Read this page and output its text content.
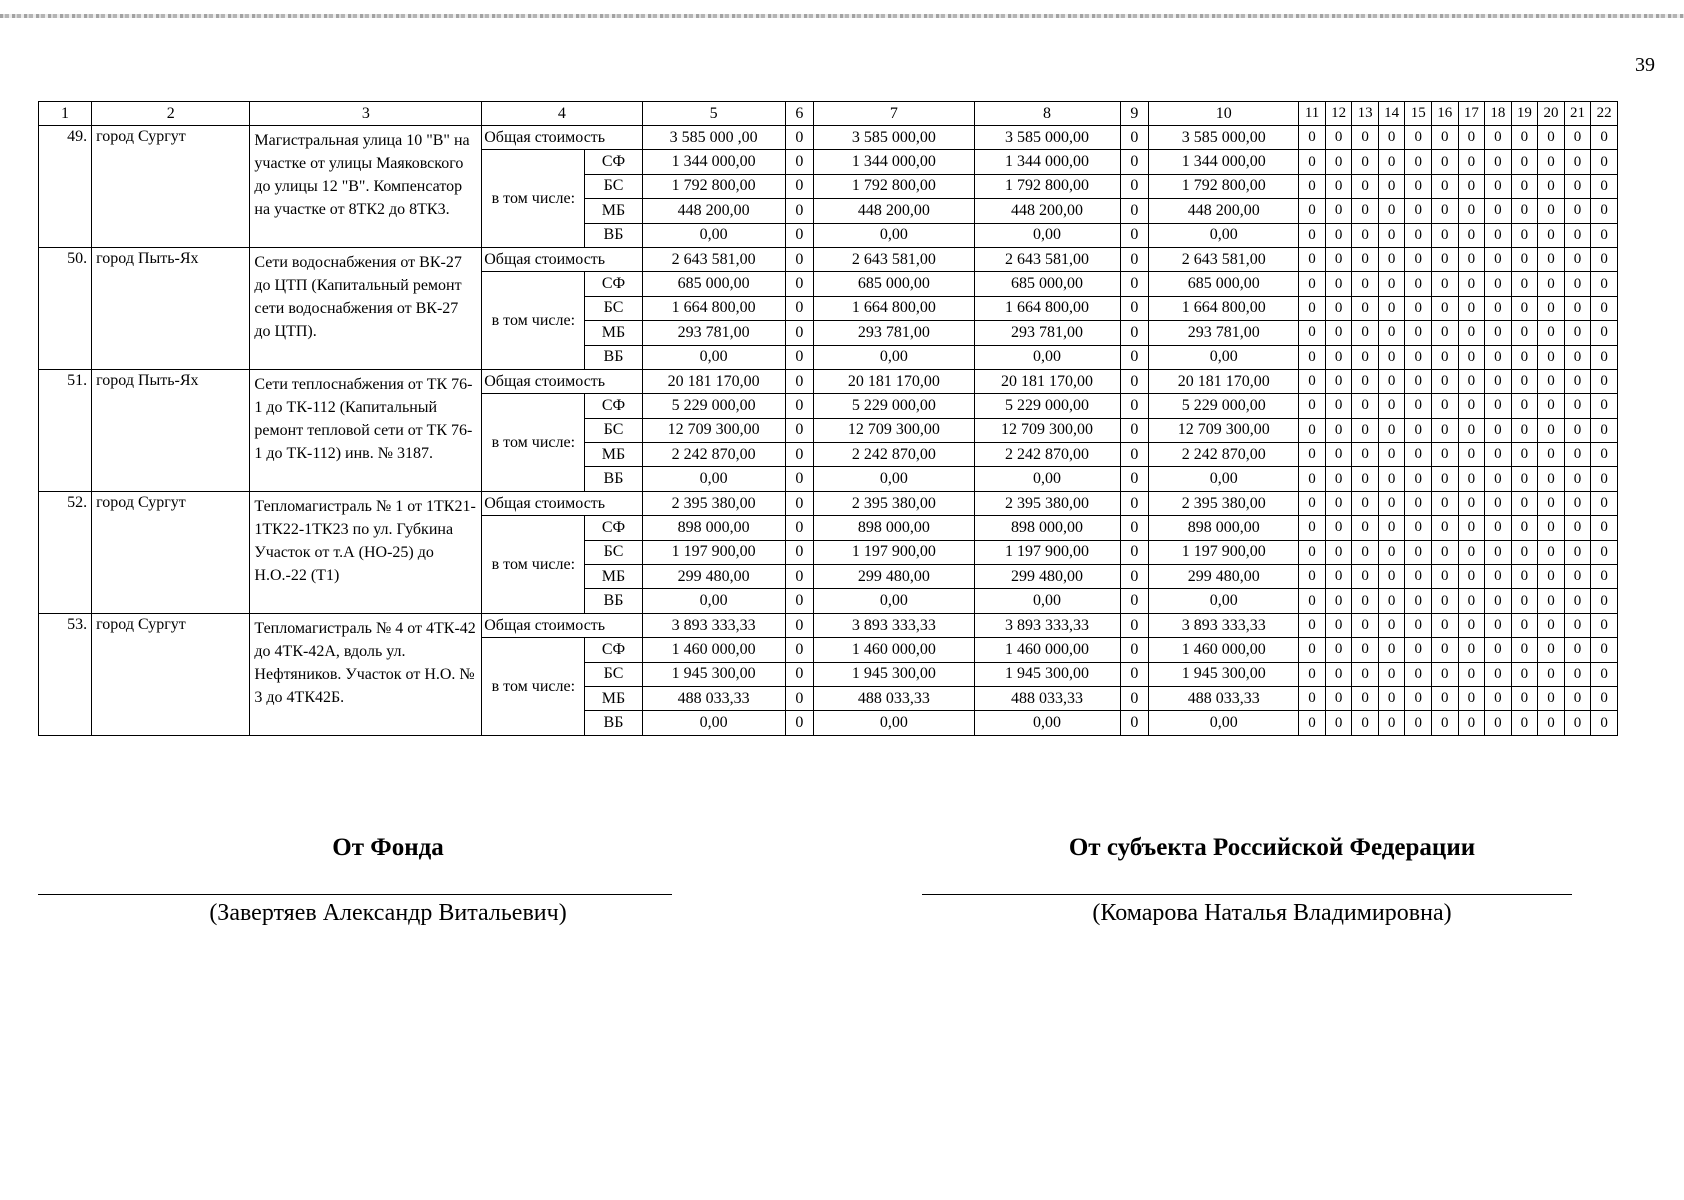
39
1	2	3	4		5	6	7	8	9	10	11	12	13	14	15	16	17	18	19	20	21	22
49.	город Сургут	Магистральная улица 10 "В" на участке от улицы Маяковского до улицы 12 "В". Компенсатор на участке от 8ТК2 до 8ТК3.	Общая стоимость		3 585 000 ,00	0	3 585 000,00	3 585 000,00	0	3 585 000,00	0	0	0	0	0	0	0	0	0	0	0	0
			в том числе:	СФ	1 344 000,00	0	1 344 000,00	1 344 000,00	0	1 344 000,00	0	0	0	0	0	0	0	0	0	0	0	0
				БС	1 792 800,00	0	1 792 800,00	1 792 800,00	0	1 792 800,00	0	0	0	0	0	0	0	0	0	0	0	0
				МБ	448 200,00	0	448 200,00	448 200,00	0	448 200,00	0	0	0	0	0	0	0	0	0	0	0	0
				ВБ	0,00	0	0,00	0,00	0	0,00	0	0	0	0	0	0	0	0	0	0	0	0
50.	город Пыть-Ях	Сети водоснабжения от ВК-27 до ЦТП (Капитальный ремонт сети водоснабжения от ВК-27 до ЦТП).	Общая стоимость		2 643 581,00	0	2 643 581,00	2 643 581,00	0	2 643 581,00	0	0	0	0	0	0	0	0	0	0	0	0
			в том числе:	СФ	685 000,00	0	685 000,00	685 000,00	0	685 000,00	0	0	0	0	0	0	0	0	0	0	0	0
				БС	1 664 800,00	0	1 664 800,00	1 664 800,00	0	1 664 800,00	0	0	0	0	0	0	0	0	0	0	0	0
				МБ	293 781,00	0	293 781,00	293 781,00	0	293 781,00	0	0	0	0	0	0	0	0	0	0	0	0
				ВБ	0,00	0	0,00	0,00	0	0,00	0	0	0	0	0	0	0	0	0	0	0	0
51.	город Пыть-Ях	Сети теплоснабжения от ТК 76-1 до ТК-112 (Капитальный ремонт тепловой сети от ТК 76-1 до ТК-112) инв. № 3187.	Общая стоимость		20 181 170,00	0	20 181 170,00	20 181 170,00	0	20 181 170,00	0	0	0	0	0	0	0	0	0	0	0	0
			в том числе:	СФ	5 229 000,00	0	5 229 000,00	5 229 000,00	0	5 229 000,00	0	0	0	0	0	0	0	0	0	0	0	0
				БС	12 709 300,00	0	12 709 300,00	12 709 300,00	0	12 709 300,00	0	0	0	0	0	0	0	0	0	0	0	0
				МБ	2 242 870,00	0	2 242 870,00	2 242 870,00	0	2 242 870,00	0	0	0	0	0	0	0	0	0	0	0	0
				ВБ	0,00	0	0,00	0,00	0	0,00	0	0	0	0	0	0	0	0	0	0	0	0
52.	город Сургут	Тепломагистраль № 1 от 1ТК21- 1ТК22-1ТК23 по ул. Губкина Участок от т.А (НО-25) до Н.О.-22 (Т1)	Общая стоимость		2 395 380,00	0	2 395 380,00	2 395 380,00	0	2 395 380,00	0	0	0	0	0	0	0	0	0	0	0	0
			в том числе:	СФ	898 000,00	0	898 000,00	898 000,00	0	898 000,00	0	0	0	0	0	0	0	0	0	0	0	0
				БС	1 197 900,00	0	1 197 900,00	1 197 900,00	0	1 197 900,00	0	0	0	0	0	0	0	0	0	0	0	0
				МБ	299 480,00	0	299 480,00	299 480,00	0	299 480,00	0	0	0	0	0	0	0	0	0	0	0	0
				ВБ	0,00	0	0,00	0,00	0	0,00	0	0	0	0	0	0	0	0	0	0	0	0
53.	город Сургут	Тепломагистраль № 4 от 4ТК-42 до 4ТК-42А, вдоль ул. Нефтяников. Участок от Н.О. № 3 до 4ТК42Б.	Общая стоимость		3 893 333,33	0	3 893 333,33	3 893 333,33	0	3 893 333,33	0	0	0	0	0	0	0	0	0	0	0	0
			в том числе:	СФ	1 460 000,00	0	1 460 000,00	1 460 000,00	0	1 460 000,00	0	0	0	0	0	0	0	0	0	0	0	0
				БС	1 945 300,00	0	1 945 300,00	1 945 300,00	0	1 945 300,00	0	0	0	0	0	0	0	0	0	0	0	0
				МБ	488 033,33	0	488 033,33	488 033,33	0	488 033,33	0	0	0	0	0	0	0	0	0	0	0	0
				ВБ	0,00	0	0,00	0,00	0	0,00	0	0	0	0	0	0	0	0	0	0	0	0
От Фонда
(Завертяев Александр Витальевич)
От субъекта Российской Федерации
(Комарова Наталья Владимировна)
